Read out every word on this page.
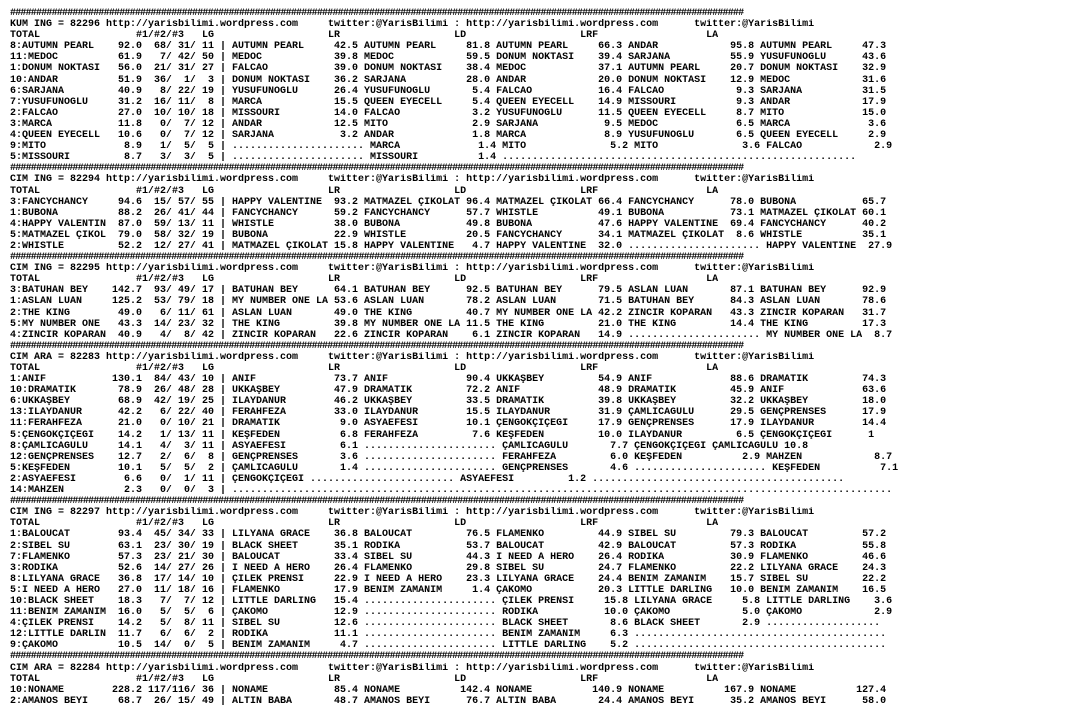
#############################################################################################################################################
KUM ING = 82296 http://yarisbilimi.wordpress.com     twitter:@YarisBilimi : http://yarisbilimi.wordpress.com      twitter:@YarisBilimi
TOTAL                #1/#2/#3   LG                   LR                   LD                   LRF                  LA
8:AUTUMN PEARL    92.0  68/ 31/ 11 | AUTUMN PEARL     42.5 AUTUMN PEARL     81.8 AUTUMN PEARL     66.3 ANDAR            95.8 AUTUMN PEARL     47.3
11:MEDOC          61.9   7/ 42/ 50 | MEDOC            39.8 MEDOC            59.5 DÖNÜM NOKTASI    39.4 SARJANA          55.9 YUSUFUNOĞLU      43.6
1:DÖNÜM NOKTASI   56.0  21/ 31/ 27 | FALCAO           39.0 DÖNÜM NOKTASI    38.4 MEDOC            37.1 AUTUMN PEARL     20.7 DÖNÜM NOKTASI    32.9
10:ANDAR          51.9  36/  1/  3 | DÖNÜM NOKTASI    36.2 SARJANA          28.0 ANDAR            20.0 DÖNÜM NOKTASI    12.9 MEDOC            31.6
6:SARJANA         40.9   8/ 22/ 19 | YUSUFUNOĞLU      26.4 YUSUFUNOĞLU       5.4 FALCAO           16.4 FALCAO            9.3 SARJANA          31.5
7:YUSUFUNOĞLU     31.2  16/ 11/  8 | MARCA            15.5 QUEEN EYECELL     5.4 QUEEN EYECELL    14.9 MISSOURI          9.3 ANDAR            17.9
2:FALCAO          27.0  10/ 10/ 18 | MISSOURI         14.0 FALCAO            3.2 YUSUFUNOĞLU      11.5 QUEEN EYECELL     8.7 MITO             15.0
3:MARCA           11.8   0/  7/ 12 | ANDAR            12.5 MITO              2.9 SARJANA           9.5 MEDOC             6.5 MARCA             3.6
4:QUEEN EYECELL   10.6   0/  7/ 12 | SARJANA           3.2 ANDAR             1.8 MARCA             8.9 YUSUFUNOĞLU       6.5 QUEEN EYECELL     2.9
9:MITO             8.9   1/  5/  5 | ...................... MARCA             1.4 MITO              5.2 MITO              3.6 FALCAO            2.9
5:MISSOURI         8.7   3/  3/  5 | ...................... MISSOURI          1.4 ...........................................................
#############################################################################################################################################
CIM ING = 82294 http://yarisbilimi.wordpress.com     twitter:@YarisBilimi : http://yarisbilimi.wordpress.com      twitter:@YarisBilimi
TOTAL                #1/#2/#3   LG                   LR                   LD                   LRF                  LA
3:FANCYCHANCY     94.6  15/ 57/ 55 | HAPPY VALENTINE  93.2 MATMAZEL ÇIKOLAT 96.4 MATMAZEL ÇIKOLAT 66.4 FANCYCHANCY      78.0 BUBONA           65.7
1:BUBONA          88.2  26/ 41/ 44 | FANCYCHANCY      59.2 FANCYCHANCY      57.7 WHISTLE          49.1 BUBONA           73.1 MATMAZEL ÇIKOLAT 60.1
4:HAPPY VALENTIN  87.0  59/ 13/ 11 | WHISTLE          38.0 BUBONA           49.8 BUBONA           47.6 HAPPY VALENTINE  69.4 FANCYCHANCY      40.2
5:MATMAZEL ÇIKOL  79.0  58/ 32/ 19 | BUBONA           22.9 WHISTLE          20.5 FANCYCHANCY      34.1 MATMAZEL ÇIKOLAT  8.6 WHISTLE          35.1
2:WHISTLE         52.2  12/ 27/ 41 | MATMAZEL ÇIKOLAT 15.8 HAPPY VALENTINE   4.7 HAPPY VALENTINE  32.0 ...................... HAPPY VALENTINE  27.9
#############################################################################################################################################
CIM ING = 82295 http://yarisbilimi.wordpress.com     twitter:@YarisBilimi : http://yarisbilimi.wordpress.com      twitter:@YarisBilimi
TOTAL                #1/#2/#3   LG                   LR                   LD                   LRF                  LA
3:BATUHAN BEY    142.7  93/ 49/ 17 | BATUHAN BEY      64.1 BATUHAN BEY      92.5 BATUHAN BEY      79.5 ASLAN LUAN       87.1 BATUHAN BEY      92.9
1:ASLAN LUAN     125.2  53/ 79/ 18 | MY NUMBER ONE LA 53.6 ASLAN LUAN       78.2 ASLAN LUAN       71.5 BATUHAN BEY      84.3 ASLAN LUAN       78.6
2:THE KING        49.0   6/ 11/ 61 | ASLAN LUAN       49.0 THE KING         40.7 MY NUMBER ONE LA 42.2 ZINCIR KOPARAN   43.3 ZINCIR KOPARAN   31.7
5:MY NUMBER ONE   43.3  14/ 23/ 32 | THE KING         39.8 MY NUMBER ONE LA 11.5 THE KING         21.0 THE KING         14.4 THE KING         17.3
4:ZINCIR KOPARAN  40.9   4/  8/ 42 | ZINCIR KOPARAN   22.6 ZINCIR KOPARAN    6.1 ZINCIR KOPARAN   14.9 ...................... MY NUMBER ONE LA  8.7
#############################################################################################################################################
CIM ARA = 82283 http://yarisbilimi.wordpress.com     twitter:@YarisBilimi : http://yarisbilimi.wordpress.com      twitter:@YarisBilimi
TOTAL                #1/#2/#3   LG                   LR                   LD                   LRF                  LA
1:ANIF           130.1  84/ 43/ 10 | ANIF             73.7 ANIF             90.4 UKKAŞBEY         54.9 ANIF             88.6 DRAMATİK         74.3
10:DRAMATİK       78.9  26/ 48/ 28 | UKKAŞBEY         47.9 DRAMATİK         72.2 ANIF             48.9 DRAMATİK         45.9 ANIF             63.6
6:UKKAŞBEY        68.9  42/ 19/ 25 | İLAYDANUR        46.2 UKKAŞBEY         33.5 DRAMATİK         39.8 UKKAŞBEY         32.2 UKKAŞBEY         18.0
13:İLAYDANUR      42.2   6/ 22/ 40 | FERAHFEZA        33.0 İLAYDANUR        15.5 İLAYDANUR        31.9 ÇAMLICAGÜLÜ      29.5 GENÇPRENSES      17.9
11:FERAHFEZA      21.0   0/ 10/ 21 | DRAMATİK          9.0 ASYAEFESİ        10.1 ÇENGÖKÇİÇEĞİ     17.9 GENÇPRENSES      17.9 İLAYDANUR        14.4
5:ÇENGÖKÇİÇEĞİ    14.2   1/ 13/ 11 | KEŞFEDEN          6.8 FERAHFEZA         7.6 KEŞFEDEN         10.0 İLAYDANUR         6.5 ÇENGÖKÇİÇEĞİ      1
8:ÇAMLICAGÜLÜ     14.1   4/  3/ 11 | ASYAEFESİ         6.1 ...................... ÇAMLICAGÜLÜ       7.7 ÇENGÖKÇİÇEĞİ ÇAMLICAGÜLÜ 10.8
12:GENÇPRENSES    12.7   2/  6/  8 | GENÇPRENSES       3.6 ...................... FERAHFEZA         6.0 KEŞFEDEN          2.9 MAHZEN            8.7
5:KEŞFEDEN        10.1   5/  5/  2 | ÇAMLICAGÜLÜ       1.4 ...................... GENÇPRENSES       4.6 ...................... KEŞFEDEN          7.1
2:ASYAEFESİ        6.6   0/  1/ 11 | ÇENGÖKÇİÇEĞİ ........................ ASYAEFESİ         1.2 ..........................................
14:MAHZEN          2.3   0/  0/  3 | ..............................................................................................................
#############################################################################################################################################
CIM ING = 82297 http://yarisbilimi.wordpress.com     twitter:@YarisBilimi : http://yarisbilimi.wordpress.com      twitter:@YarisBilimi
TOTAL                #1/#2/#3   LG                   LR                   LD                   LRF                  LA
1:BALOUCAT        93.4  45/ 34/ 33 | LILYANA GRACE    36.8 BALOUCAT         76.5 FLAMENKO         44.9 SİBEL SU         79.3 BALOUCAT         57.2
2:SİBEL SU        63.1  23/ 30/ 19 | BLACK SHEET      35.1 RODIKA           53.7 BALOUCAT         42.9 BALOUCAT         57.3 RODIKA           55.8
7:FLAMENKO        57.3  23/ 21/ 30 | BALOUCAT         33.4 SİBEL SU         44.3 I NEED A HERO    26.4 RODIKA           30.9 FLAMENKO         46.6
3:RODIKA          52.6  14/ 27/ 26 | I NEED A HERO    26.4 FLAMENKO         29.8 SİBEL SU         24.7 FLAMENKO         22.2 LILYANA GRACE    24.3
8:LILYANA GRACE   36.8  17/ 14/ 10 | ÇILEK PRENSİ     22.9 I NEED A HERO    23.3 LILYANA GRACE    24.4 BENİM ZAMANIM    15.7 SİBEL SU         22.2
5:I NEED A HERO   27.0  11/ 18/ 16 | FLAMENKO         17.9 BENİM ZAMANIM     1.4 ÇAKOMO           20.3 LITTLE DARLING   10.0 BENİM ZAMANIM    16.5
10:BLACK SHEET    18.3   7/  7/ 12 | LITTLE DARLING   15.4 ...................... ÇILEK PRENSİ     15.8 LILYANA GRACE     5.8 LITTLE DARLING    3.6
11:BENİM ZAMANIM  16.0   5/  5/  6 | ÇAKOMO           12.9 ...................... RODIKA           10.0 ÇAKOMO            5.0 ÇAKOMO            2.9
4:ÇILEK PRENSİ    14.2   5/  8/ 11 | SİBEL SU         12.6 ...................... BLACK SHEET       8.6 BLACK SHEET       2.9 ...................
12:LITTLE DARLIN  11.7   6/  6/  2 | RODIKA           11.1 ...................... BENİM ZAMANIM     6.3 ..........................................
9:ÇAKOMO          10.5  14/  0/  5 | BENİM ZAMANIM     4.7 ...................... LITTLE DARLING    5.2 ..........................................
#############################################################################################################################################
CIM ARA = 82284 http://yarisbilimi.wordpress.com     twitter:@YarisBilimi : http://yarisbilimi.wordpress.com      twitter:@YarisBilimi
TOTAL                #1/#2/#3   LG                   LR                   LD                   LRF                  LA
10:NONAME        228.2 117/116/ 36 | NONAME           85.4 NONAME          142.4 NONAME          140.9 NONAME          167.9 NONAME          127.4
2:AMANOS BEYİ     68.7  26/ 15/ 49 | ALTIN BABA       48.7 AMANOS BEYİ      76.7 ALTIN BABA       24.4 AMANOS BEYİ      35.2 AMANOS BEYİ      58.0
